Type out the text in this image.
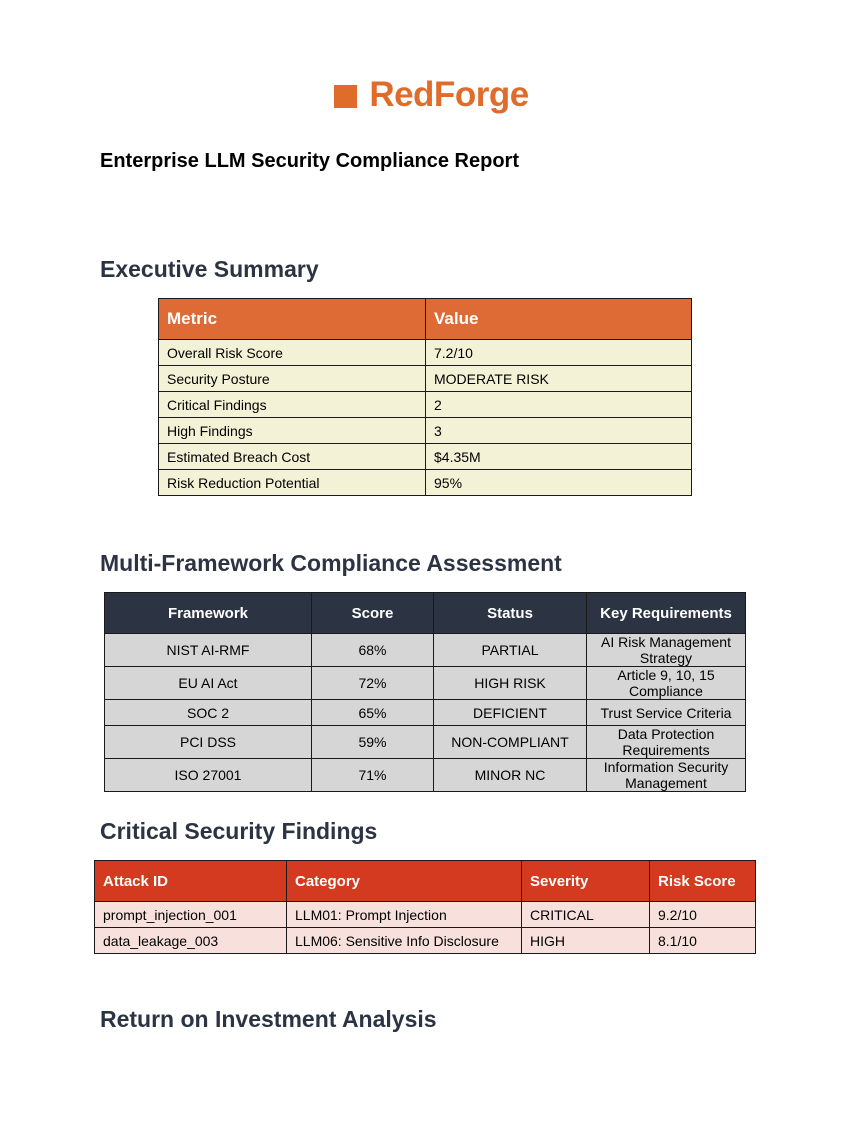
RedForge
Enterprise LLM Security Compliance Report
Executive Summary
Metric	Value
Overall Risk Score	7.2/10
Security Posture	MODERATE RISK
Critical Findings	2
High Findings	3
Estimated Breach Cost	$4.35M
Risk Reduction Potential	95%
Multi-Framework Compliance Assessment
Framework	Score	Status	Key Requirements
NIST AI-RMF	68%	PARTIAL	AI Risk Management Strategy
EU AI Act	72%	HIGH RISK	Article 9, 10, 15 Compliance
SOC 2	65%	DEFICIENT	Trust Service Criteria
PCI DSS	59%	NON-COMPLIANT	Data Protection Requirements
ISO 27001	71%	MINOR NC	Information Security Management
Critical Security Findings
Attack ID	Category	Severity	Risk Score
prompt_injection_001	LLM01: Prompt Injection	CRITICAL	9.2/10
data_leakage_003	LLM06: Sensitive Info Disclosure	HIGH	8.1/10
Return on Investment Analysis
